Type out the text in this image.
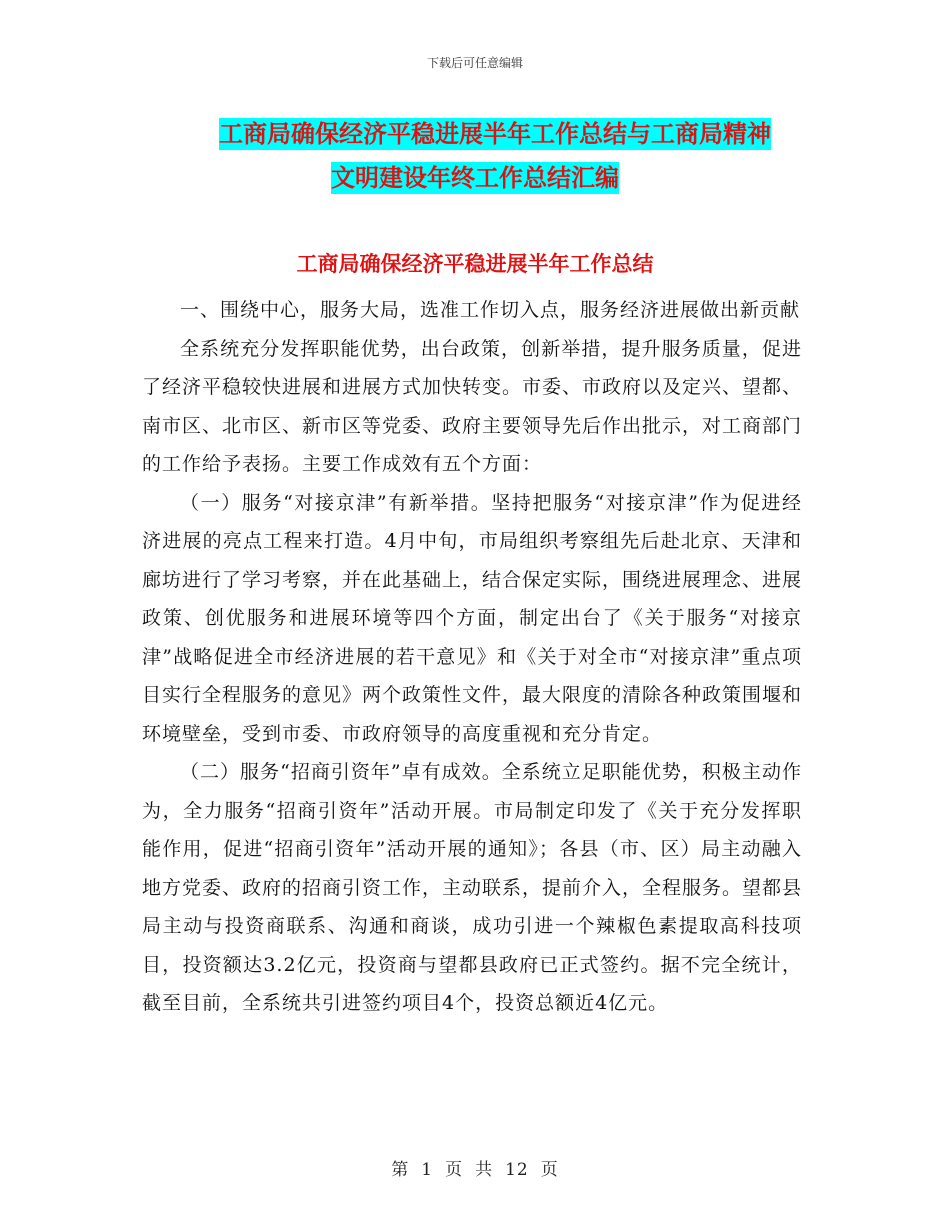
下载后可任意编辑
工商局确保经济平稳进展半年工作总结与工商局精神
文明建设年终工作总结汇编
工商局确保经济平稳进展半年工作总结

一、围绕中心，服务大局，选准工作切入点，服务经济进展做出新贡献

全系统充分发挥职能优势，出台政策，创新举措，提升服务质量，促进了经济平稳较快进展和进展方式加快转变。市委、市政府以及定兴、望都、南市区、北市区、新市区等党委、政府主要领导先后作出批示，对工商部门的工作给予表扬。主要工作成效有五个方面：

（一）服务“对接京津”有新举措。坚持把服务“对接京津”作为促进经济进展的亮点工程来打造。4月中旬，市局组织考察组先后赴北京、天津和廊坊进行了学习考察，并在此基础上，结合保定实际，围绕进展理念、进展政策、创优服务和进展环境等四个方面，制定出台了《关于服务“对接京津”战略促进全市经济进展的若干意见》和《关于对全市“对接京津”重点项目实行全程服务的意见》两个政策性文件，最大限度的清除各种政策围堰和环境壁垒，受到市委、市政府领导的高度重视和充分肯定。

（二）服务“招商引资年”卓有成效。全系统立足职能优势，积极主动作为，全力服务“招商引资年”活动开展。市局制定印发了《关于充分发挥职能作用，促进“招商引资年”活动开展的通知》；各县（市、区）局主动融入地方党委、政府的招商引资工作，主动联系，提前介入，全程服务。望都县局主动与投资商联系、沟通和商谈，成功引进一个辣椒色素提取高科技项目，投资额达3.2亿元，投资商与望都县政府已正式签约。据不完全统计，截至目前，全系统共引进签约项目4个，投资总额近4亿元。

第 1 页 共 12 页
